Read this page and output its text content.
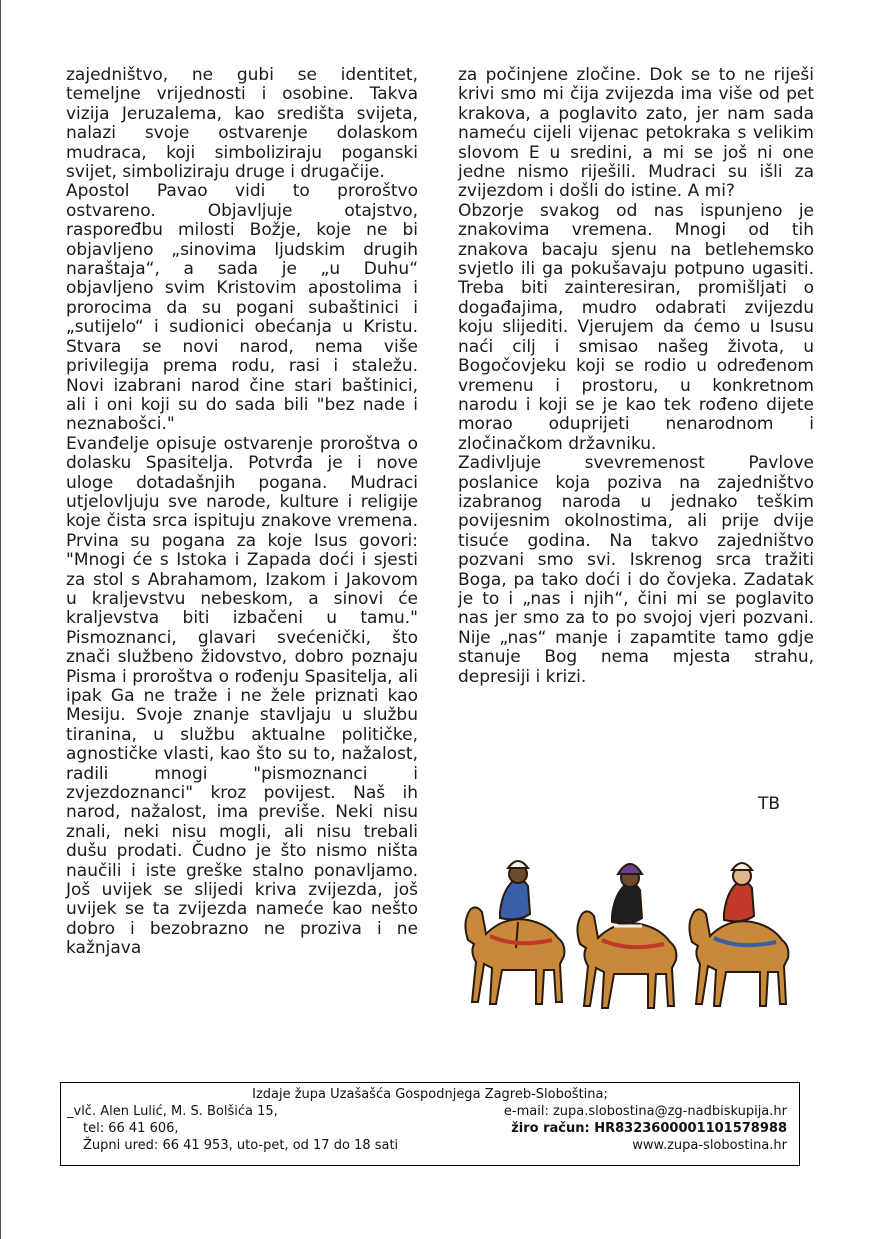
zajedništvo, ne gubi se identitet, temeljne vrijednosti i osobine. Takva vizija Jeruzalema, kao središta svijeta, nalazi svoje ostvarenje dolaskom mudraca, koji simboliziraju poganski svijet, simboliziraju druge i drugačije.

Apostol Pavao vidi to proroštvo ostvareno. Objavljuje otajstvo, raspoređbu milosti Božje, koje ne bi objavljeno „sinovima ljudskim drugih naraštaja“, a sada je „u Duhu“ objavljeno svim Kristovim apostolima i prorocima da su pogani subaštinici i „sutijelo“ i sudionici obećanja u Kristu. Stvara se novi narod, nema više privilegija prema rodu, rasi i staležu. Novi izabrani narod čine stari baštinici, ali i oni koji su do sada bili "bez nade i neznabošci."

Evanđelje opisuje ostvarenje proroštva o dolasku Spasitelja. Potvrđa je i nove uloge dotadašnjih pogana. Mudraci utjelovljuju sve narode, kulture i religije koje čista srca ispituju znakove vremena. Prvina su pogana za koje Isus govori: "Mnogi će s Istoka i Zapada doći i sjesti za stol s Abrahamom, Izakom i Jakovom u kraljevstvu nebeskom, a sinovi će kraljevstva biti izbačeni u tamu." Pismoznanci, glavari svećenički, što znači službeno židovstvo, dobro poznaju Pisma i proroštva o rođenju Spasitelja, ali ipak Ga ne traže i ne žele priznati kao Mesiju. Svoje znanje stavljaju u službu tiranina, u službu aktualne političke, agnostičke vlasti, kao što su to, nažalost, radili mnogi "pismoznanci i zvjezdoznanci" kroz povijest. Naš ih narod, nažalost, ima previše. Neki nisu znali, neki nisu mogli, ali nisu trebali dušu prodati. Čudno je što nismo ništa naučili i iste greške stalno ponavljamo. Još uvijek se slijedi kriva zvijezda, još uvijek se ta zvijezda nameće kao nešto dobro i bezobrazno ne proziva i ne kažnjava

za počinjene zločine. Dok se to ne riješi krivi smo mi čija zvijezda ima više od pet krakova, a poglavito zato, jer nam sada nameću cijeli vijenac petokraka s velikim slovom E u sredini, a mi se još ni one jedne nismo riješili. Mudraci su išli za zvijezdom i došli do istine. A mi?

Obzorje svakog od nas ispunjeno je znakovima vremena. Mnogi od tih znakova bacaju sjenu na betlehemsko svjetlo ili ga pokušavaju potpuno ugasiti. Treba biti zainteresiran, promišljati o događajima, mudro odabrati zvijezdu koju slijediti. Vjerujem da ćemo u Isusu naći cilj i smisao našeg života, u Bogočovjeku koji se rodio u određenom vremenu i prostoru, u konkretnom narodu i koji se je kao tek rođeno dijete morao oduprijeti nenarodnom i zločinačkom državniku.

Zadivljuje svevremenost Pavlove poslanice koja poziva na zajedništvo izabranog naroda u jednako teškim povijesnim okolnostima, ali prije dvije tisuće godina. Na takvo zajedništvo pozvani smo svi. Iskrenog srca tražiti Boga, pa tako doći i do čovjeka. Zadatak je to i „nas i njih“, čini mi se poglavito nas jer smo za to po svojoj vjeri pozvani. Nije „nas“ manje i zapamtite tamo gdje stanuje Bog nema mjesta strahu, depresiji i krizi.

TB
Izdaje župa Uzašašća Gospodnjega Zagreb-Sloboština;
_vlč. Alen Lulić, M. S. Bolšića 15,
tel: 66 41 606,
Župni ured: 66 41 953, uto-pet, od 17 do 18 sati
e-mail: zupa.slobostina@zg-nadbiskupija.hr
žiro račun: HR8323600001101578988
www.zupa-slobostina.hr
